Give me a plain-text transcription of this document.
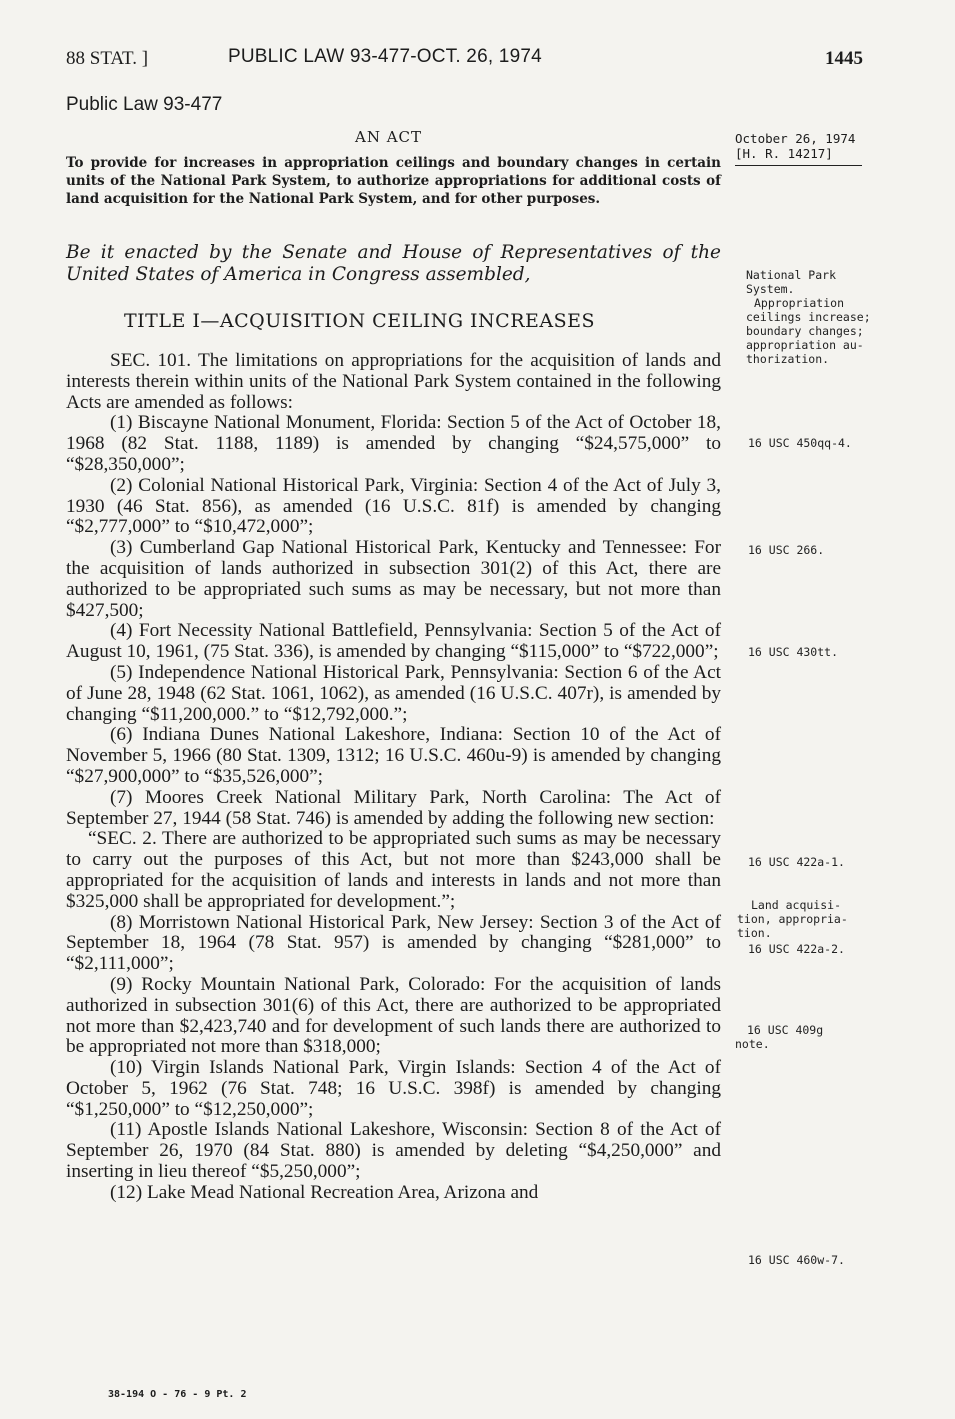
88 STAT. ]	PUBLIC LAW 93-477-OCT. 26, 1974	1445
Public Law 93-477
AN ACT	October 26, 1974
[H. R. 14217]
To provide for increases in appropriation ceilings and boundary changes in certain units of the National Park System, to authorize appropriations for additional costs of land acquisition for the National Park System, and for other purposes.
Be it enacted by the Senate and House of Representatives of the United States of America in Congress assembled,
TITLE I—ACQUISITION CEILING INCREASES

SEC. 101. The limitations on appropriations for the acquisition of lands and interests therein within units of the National Park System contained in the following Acts are amended as follows:

(1) Biscayne National Monument, Florida: Section 5 of the Act of October 18, 1968 (82 Stat. 1188, 1189) is amended by changing “$24,575,000” to “$28,350,000”;

(2) Colonial National Historical Park, Virginia: Section 4 of the Act of July 3, 1930 (46 Stat. 856), as amended (16 U.S.C. 81f) is amended by changing “$2,777,000” to “$10,472,000”;

(3) Cumberland Gap National Historical Park, Kentucky and Tennessee: For the acquisition of lands authorized in subsection 301(2) of this Act, there are authorized to be appropriated such sums as may be necessary, but not more than $427,500;

(4) Fort Necessity National Battlefield, Pennsylvania: Section 5 of the Act of August 10, 1961, (75 Stat. 336), is amended by changing “$115,000” to “$722,000”;

(5) Independence National Historical Park, Pennsylvania: Section 6 of the Act of June 28, 1948 (62 Stat. 1061, 1062), as amended (16 U.S.C. 407r), is amended by changing “$11,200,000.” to “$12,792,000.”;

(6) Indiana Dunes National Lakeshore, Indiana: Section 10 of the Act of November 5, 1966 (80 Stat. 1309, 1312; 16 U.S.C. 460u-9) is amended by changing “$27,900,000” to “$35,526,000”;

(7) Moores Creek National Military Park, North Carolina: The Act of September 27, 1944 (58 Stat. 746) is amended by adding the following new section:

“SEC. 2. There are authorized to be appropriated such sums as may be necessary to carry out the purposes of this Act, but not more than $243,000 shall be appropriated for the acquisition of lands and interests in lands and not more than $325,000 shall be appropriated for development.”;

(8) Morristown National Historical Park, New Jersey: Section 3 of the Act of September 18, 1964 (78 Stat. 957) is amended by changing “$281,000” to “$2,111,000”;

(9) Rocky Mountain National Park, Colorado: For the acquisition of lands authorized in subsection 301(6) of this Act, there are authorized to be appropriated not more than $2,423,740 and for development of such lands there are authorized to be appropriated not more than $318,000;

(10) Virgin Islands National Park, Virgin Islands: Section 4 of the Act of October 5, 1962 (76 Stat. 748; 16 U.S.C. 398f) is amended by changing “$1,250,000” to “$12,250,000”;

(11) Apostle Islands National Lakeshore, Wisconsin: Section 8 of the Act of September 26, 1970 (84 Stat. 880) is amended by deleting “$4,250,000” and inserting in lieu thereof “$5,250,000”;

(12) Lake Mead National Recreation Area, Arizona and

National Park
System.
Appropriation
ceilings increase;
boundary changes;
appropriation au-
thorization.
16 USC 450qq-4.
16 USC 266.
16 USC 430tt.
16 USC 422a-1.
Land acquisi-
tion, appropria-
tion.
16 USC 422a-2.
16 USC 409g
note.
16 USC 460w-7.
38-194 O - 76 - 9 Pt. 2
